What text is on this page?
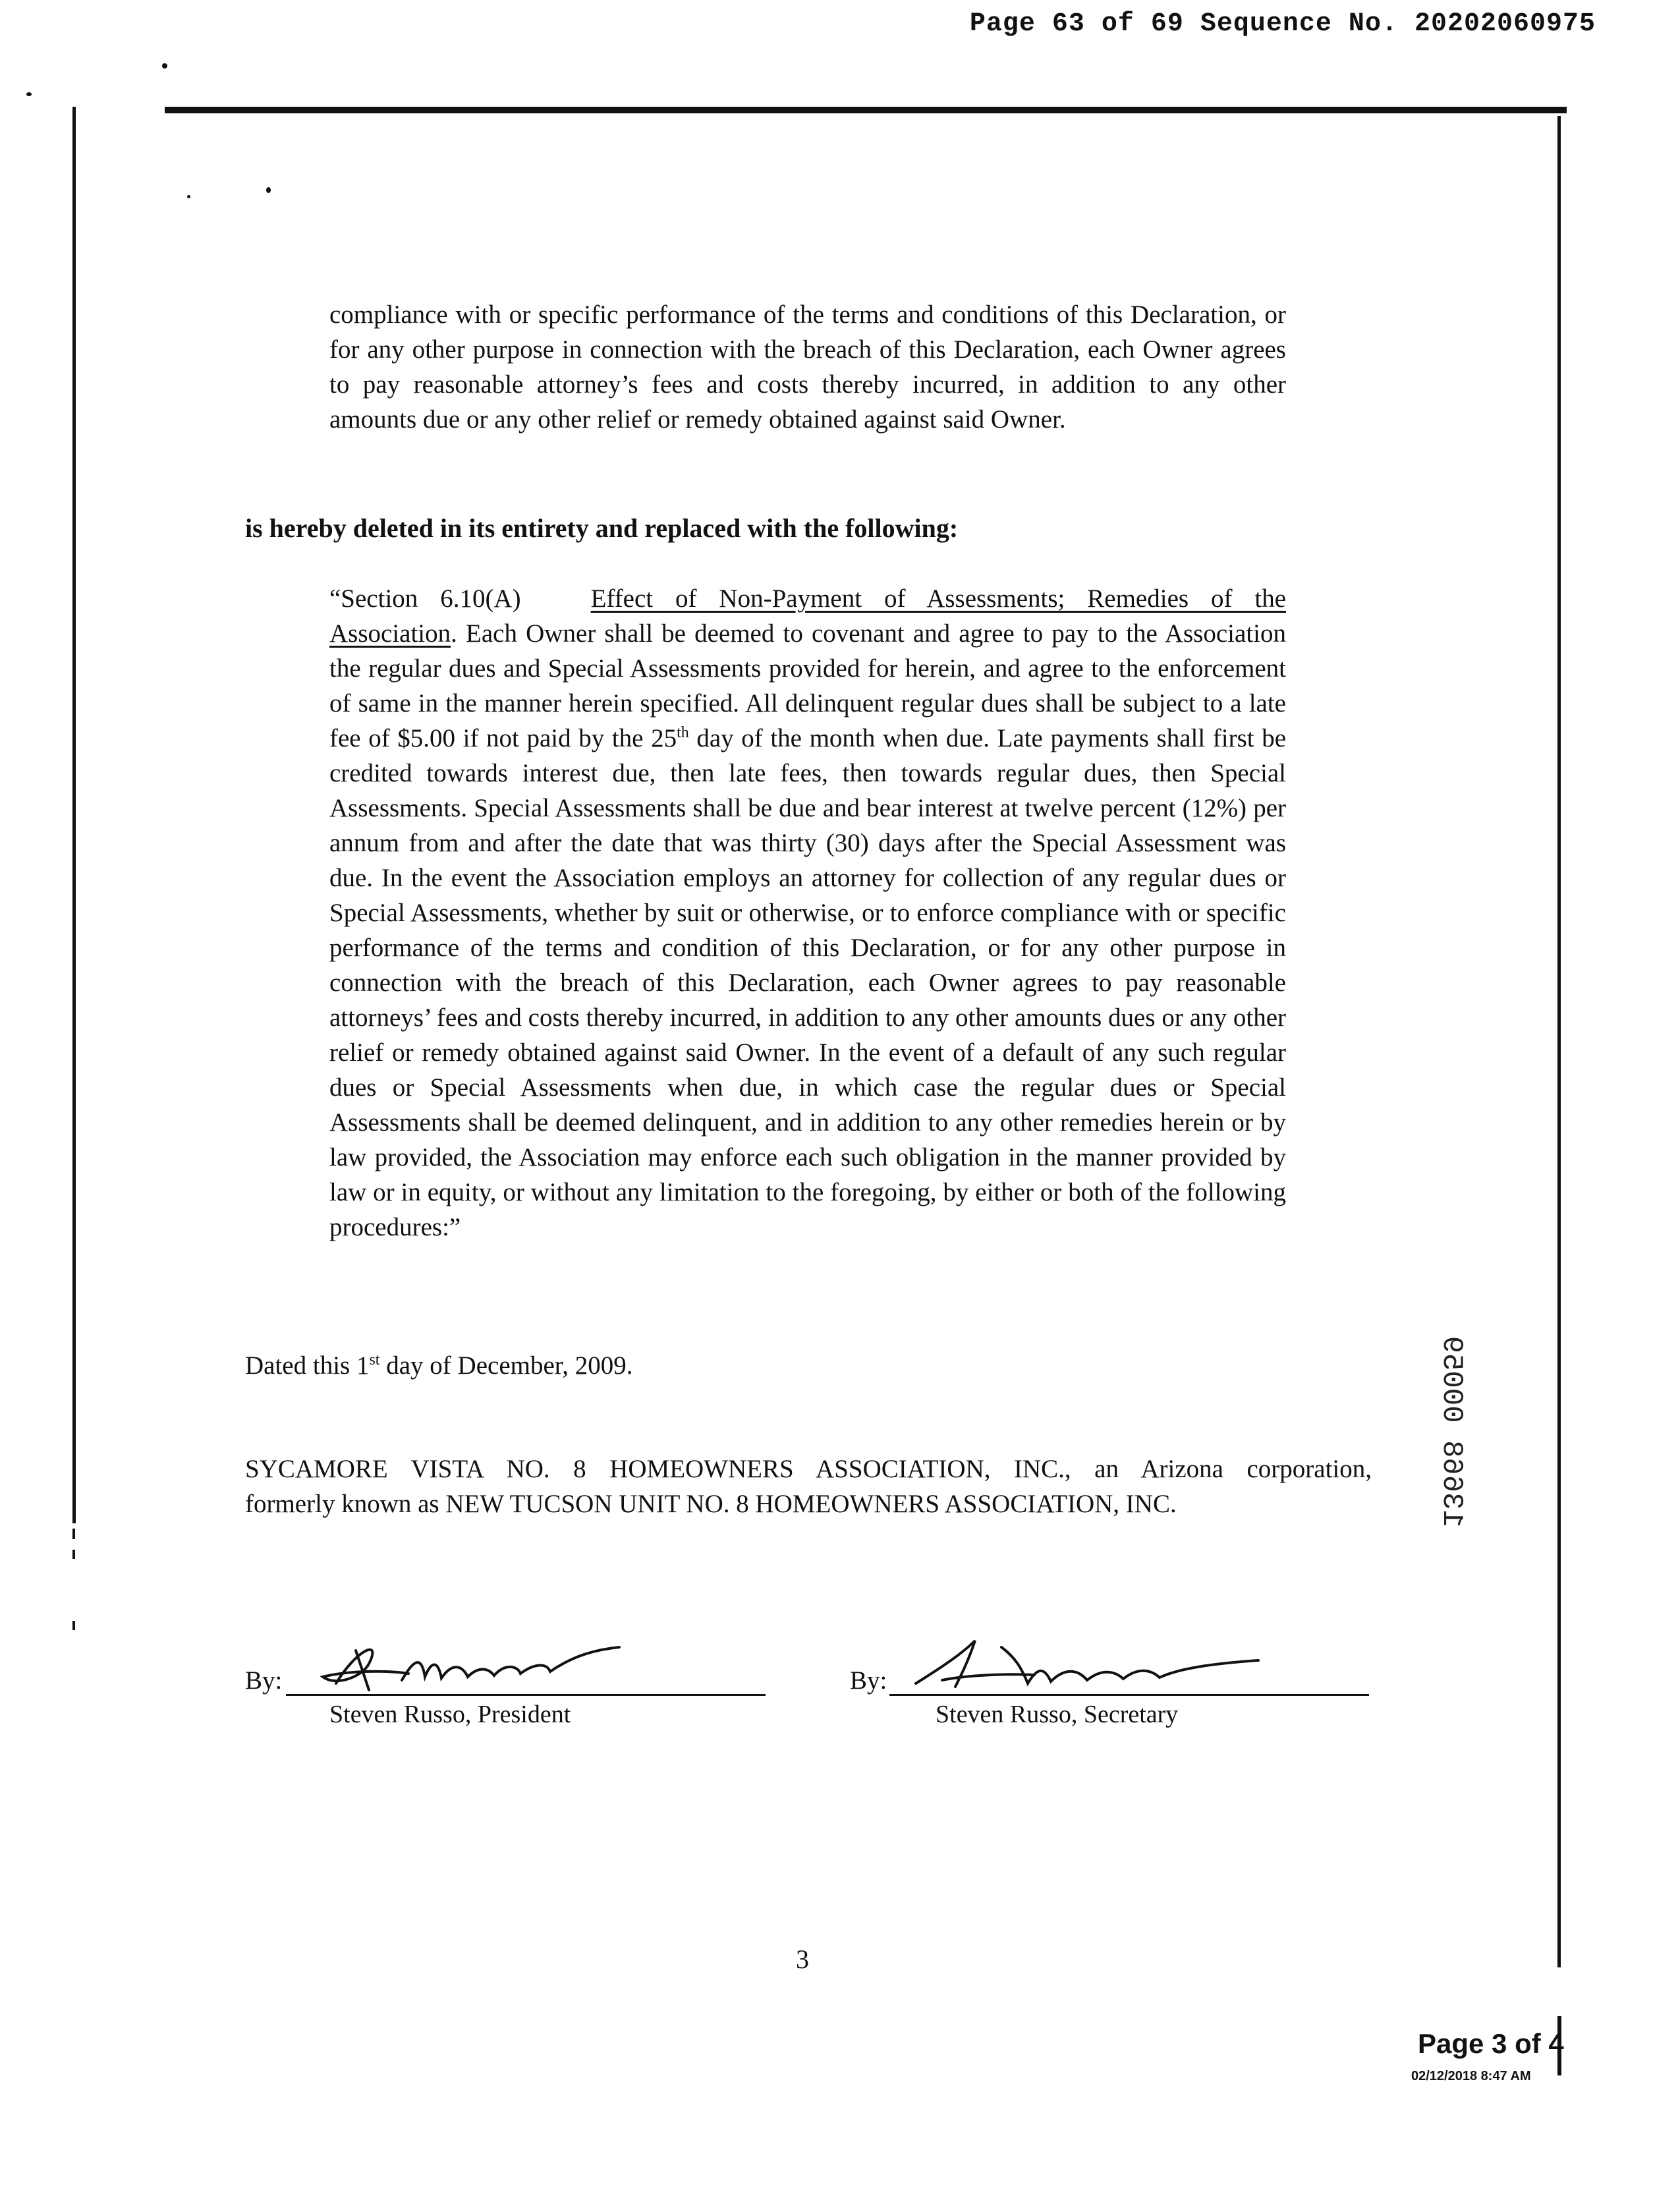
Page 63 of 69 Sequence No. 20202060975

compliance with or specific performance of the terms and conditions of this Declaration, or for any other purpose in connection with the breach of this Declaration, each Owner agrees to pay reasonable attorney’s fees and costs thereby incurred, in addition to any other amounts due or any other relief or remedy obtained against said Owner.

is hereby deleted in its entirety and replaced with the following:

“Section 6.10(A)	Effect of Non-Payment of Assessments; Remedies of the Association. Each Owner shall be deemed to covenant and agree to pay to the Association the regular dues and Special Assessments provided for herein, and agree to the enforcement of same in the manner herein specified. All delinquent regular dues shall be subject to a late fee of $5.00 if not paid by the 25th day of the month when due. Late payments shall first be credited towards interest due, then late fees, then towards regular dues, then Special Assessments. Special Assessments shall be due and bear interest at twelve percent (12%) per annum from and after the date that was thirty (30) days after the Special Assessment was due. In the event the Association employs an attorney for collection of any regular dues or Special Assessments, whether by suit or otherwise, or to enforce compliance with or specific performance of the terms and condition of this Declaration, or for any other purpose in connection with the breach of this Declaration, each Owner agrees to pay reasonable attorneys’ fees and costs thereby incurred, in addition to any other amounts dues or any other relief or remedy obtained against said Owner. In the event of a default of any such regular dues or Special Assessments when due, in which case the regular dues or Special Assessments shall be deemed delinquent, and in addition to any other remedies herein or by law provided, the Association may enforce each such obligation in the manner provided by law or in equity, or without any limitation to the foregoing, by either or both of the following procedures:”

Dated this 1st day of December, 2009.
SYCAMORE VISTA NO. 8 HOMEOWNERS ASSOCIATION, INC., an Arizona corporation,
formerly known as NEW TUCSON UNIT NO. 8 HOMEOWNERS ASSOCIATION, INC.
By:
Steven Russo, President
By:
Steven Russo, Secretary
13668 00059
3
Page 3 of 4
02/12/2018 8:47 AM
